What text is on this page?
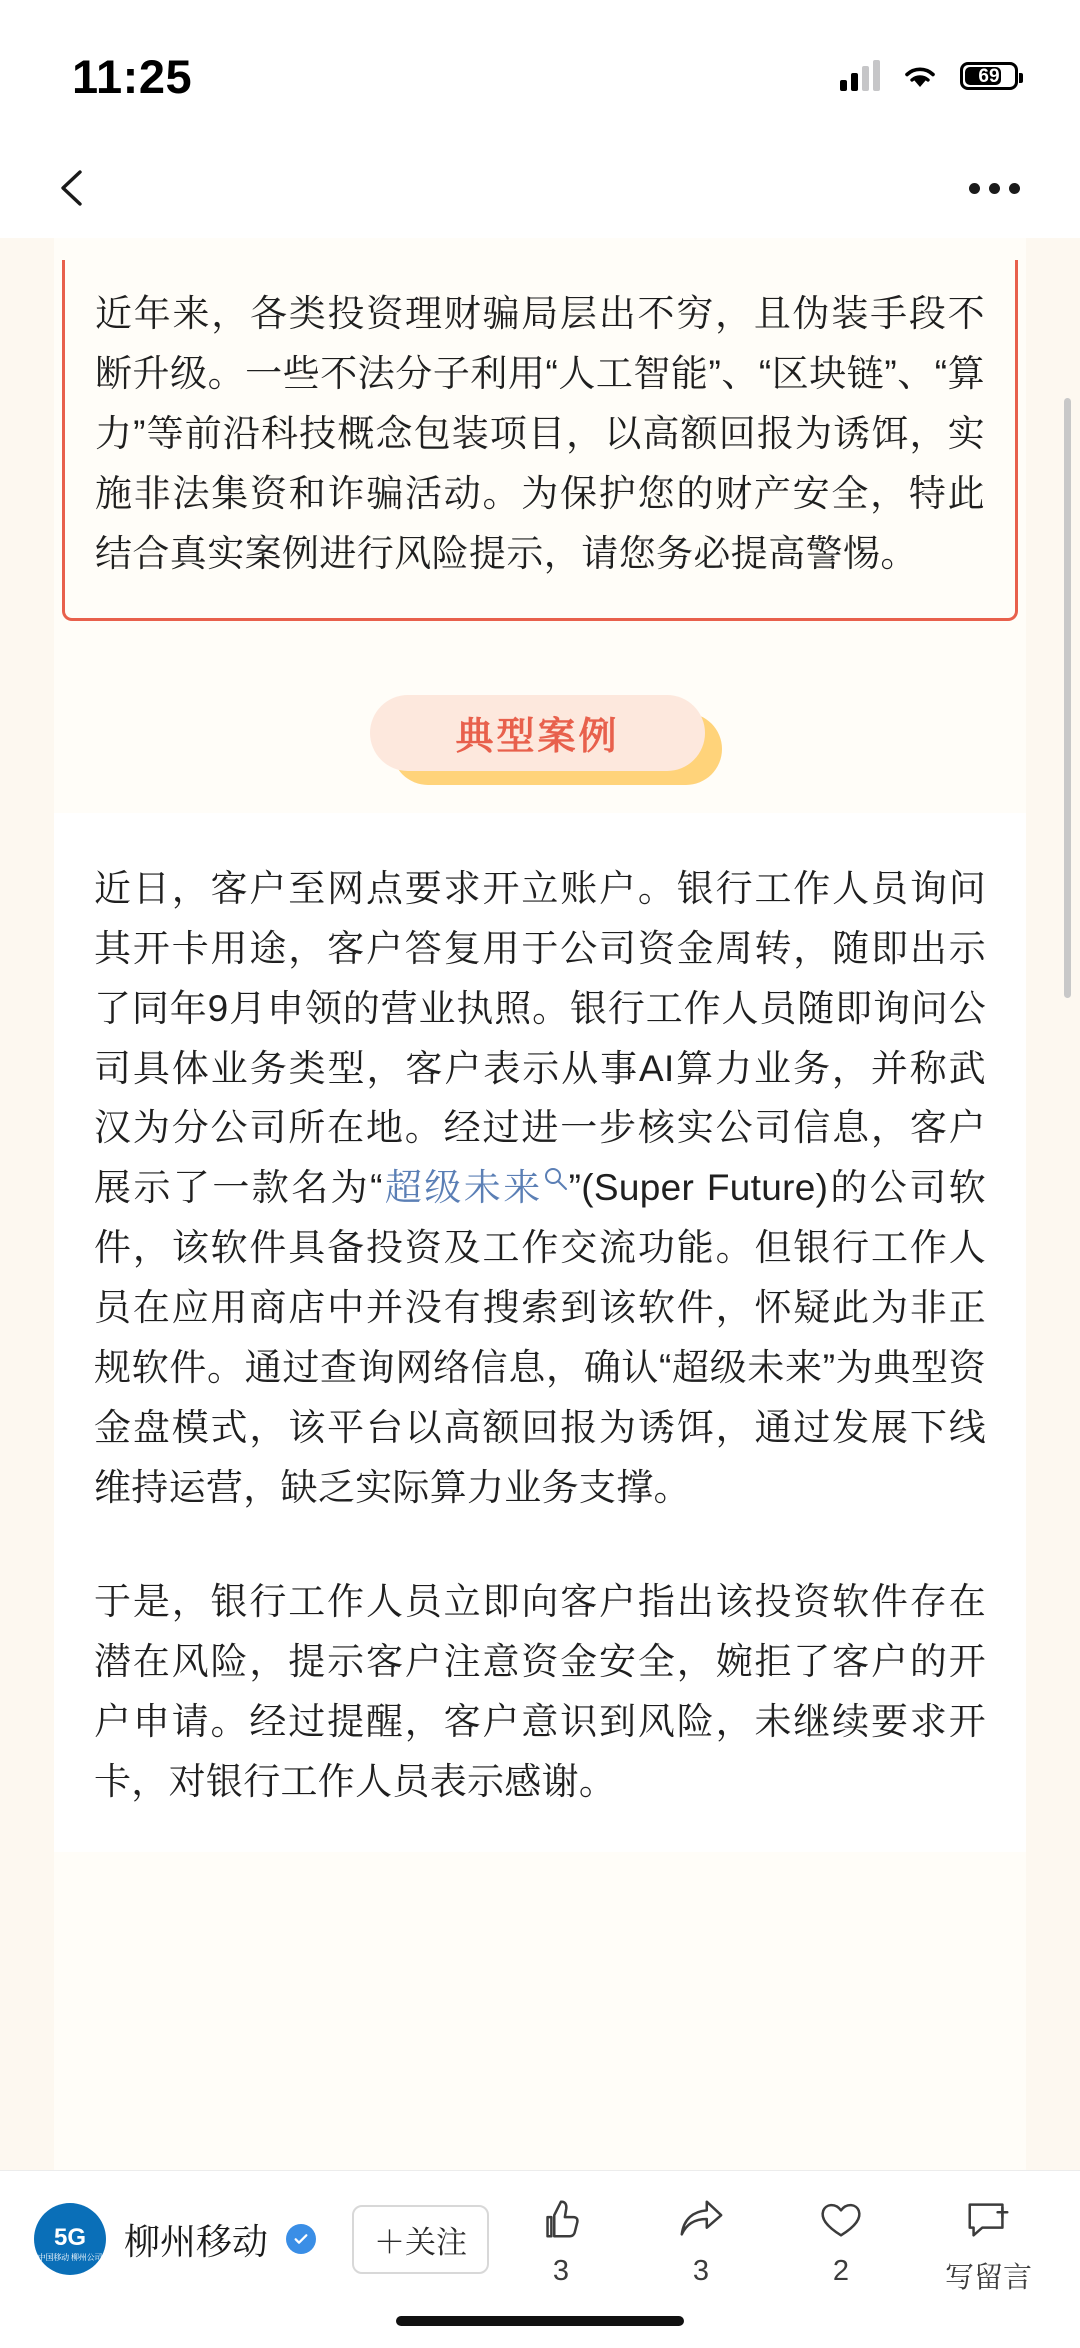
11:25	69

近年来，各类投资理财骗局层出不穷，且伪装手段不断升级。一些不法分子利用“人工智能”、“区块链”、“算力”等前沿科技概念包装项目，以高额回报为诱饵，实施非法集资和诈骗活动。为保护您的财产安全，特此结合真实案例进行风险提示，请您务必提高警惕。

典型案例

近日，客户至网点要求开立账户。银行工作人员询问其开卡用途，客户答复用于公司资金周转，随即出示了同年9月申领的营业执照。银行工作人员随即询问公司具体业务类型，客户表示从事AI算力业务，并称武汉为分公司所在地。经过进一步核实公司信息，客户展示了一款名为“超级未来 ”(Super Future)的公司软件，该软件具备投资及工作交流功能。但银行工作人员在应用商店中并没有搜索到该软件，怀疑此为非正规软件。通过查询网络信息，确认“超级未来”为典型资金盘模式，该平台以高额回报为诱饵，通过发展下线维持运营，缺乏实际算力业务支撑。

于是，银行工作人员立即向客户指出该投资软件存在潜在风险，提示客户注意资金安全，婉拒了客户的开户申请。经过提醒，客户意识到风险，未继续要求开卡，对银行工作人员表示感谢。

5G
中国移动 柳州公司 柳州移动	＋关注
3	3	2	写留言
